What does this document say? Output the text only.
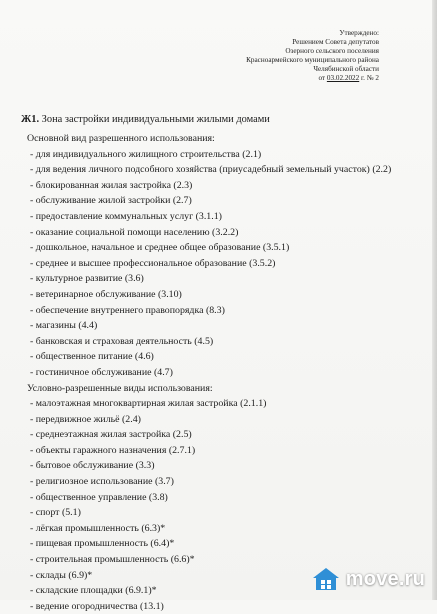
Утверждено:
Решением Совета депутатов
Озерного сельского поселения
Красноармейского муниципального района
Челябинской области
от 03.02.2022 г. № 2
Ж1. Зона застройки индивидуальными жилыми домами
Основной вид разрешенного использования:
- для индивидуального жилищного строительства (2.1)
- для ведения личного подсобного хозяйства (приусадебный земельный участок) (2.2)
- блокированная жилая застройка (2.3)
- обслуживание жилой застройки (2.7)
- предоставление коммунальных услуг (3.1.1)
- оказание социальной помощи населению (3.2.2)
- дошкольное, начальное и среднее общее образование (3.5.1)
- среднее и высшее профессиональное образование (3.5.2)
- культурное развитие (3.6)
- ветеринарное обслуживание (3.10)
- обеспечение внутреннего правопорядка (8.3)
- магазины (4.4)
- банковская и страховая деятельность (4.5)
- общественное питание (4.6)
- гостиничное обслуживание (4.7)
Условно-разрешенные виды использования:
- малоэтажная многоквартирная жилая застройка (2.1.1)
- передвижное жильё (2.4)
- среднеэтажная жилая застройка (2.5)
- объекты гаражного назначения (2.7.1)
- бытовое обслуживание (3.3)
- религиозное использование (3.7)
- общественное управление (3.8)
- спорт (5.1)
- лёгкая промышленность (6.3)*
- пищевая промышленность (6.4)*
- строительная промышленность (6.6)*
- склады (6.9)*
- складские площадки (6.9.1)*
- ведение огородничества (13.1)
move.ru
